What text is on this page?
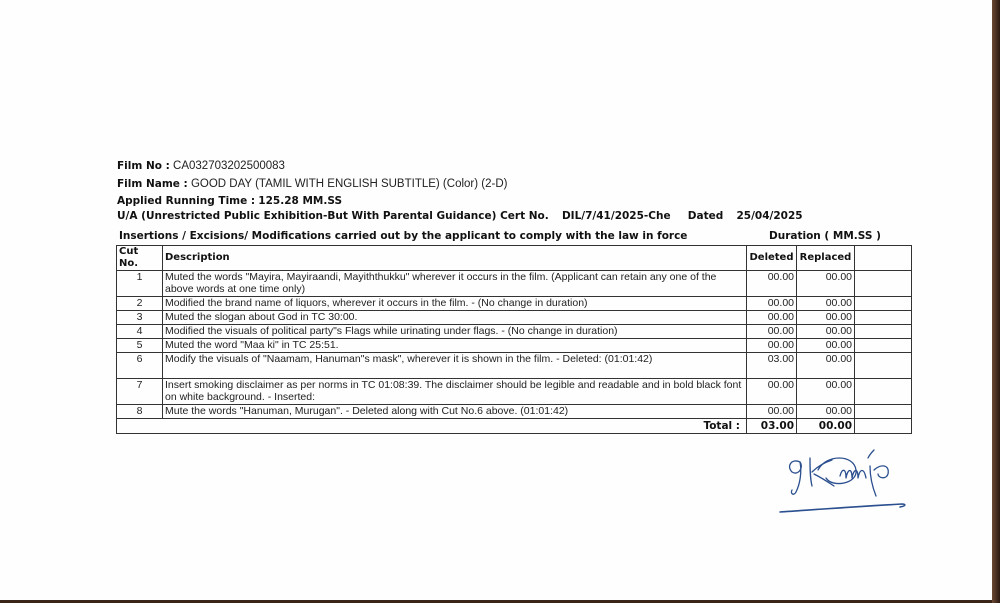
Film No : CA032703202500083
Film Name : GOOD DAY (TAMIL WITH ENGLISH SUBTITLE) (Color) (2-D)
Applied Running Time : 125.28 MM.SS
U/A (Unrestricted Public Exhibition-But With Parental Guidance) Cert No. DIL/7/41/2025-Che Dated 25/04/2025
Insertions / Excisions/ Modifications carried out by the applicant to comply with the law in force	Duration ( MM.SS )
Cut No.	Description	Deleted	Replaced	
1	Muted the words "Mayira, Mayiraandi, Mayiththukku" wherever it occurs in the film. (Applicant can retain any one of the above words at one time only)	00.00	00.00	
2	Modified the brand name of liquors, wherever it occurs in the film. - (No change in duration)	00.00	00.00	
3	Muted the slogan about God in TC 30:00.	00.00	00.00	
4	Modified the visuals of political party"s Flags while urinating under flags. - (No change in duration)	00.00	00.00	
5	Muted the word "Maa ki" in TC 25:51.	00.00	00.00	
6	Modify the visuals of "Naamam, Hanuman"s mask", wherever it is shown in the film. - Deleted: (01:01:42)	03.00	00.00	
7	Insert smoking disclaimer as per norms in TC 01:08:39. The disclaimer should be legible and readable and in bold black font on white background. - Inserted:	00.00	00.00	
8	Mute the words "Hanuman, Murugan". - Deleted along with Cut No.6 above. (01:01:42)	00.00	00.00	
Total :		03.00	00.00	
